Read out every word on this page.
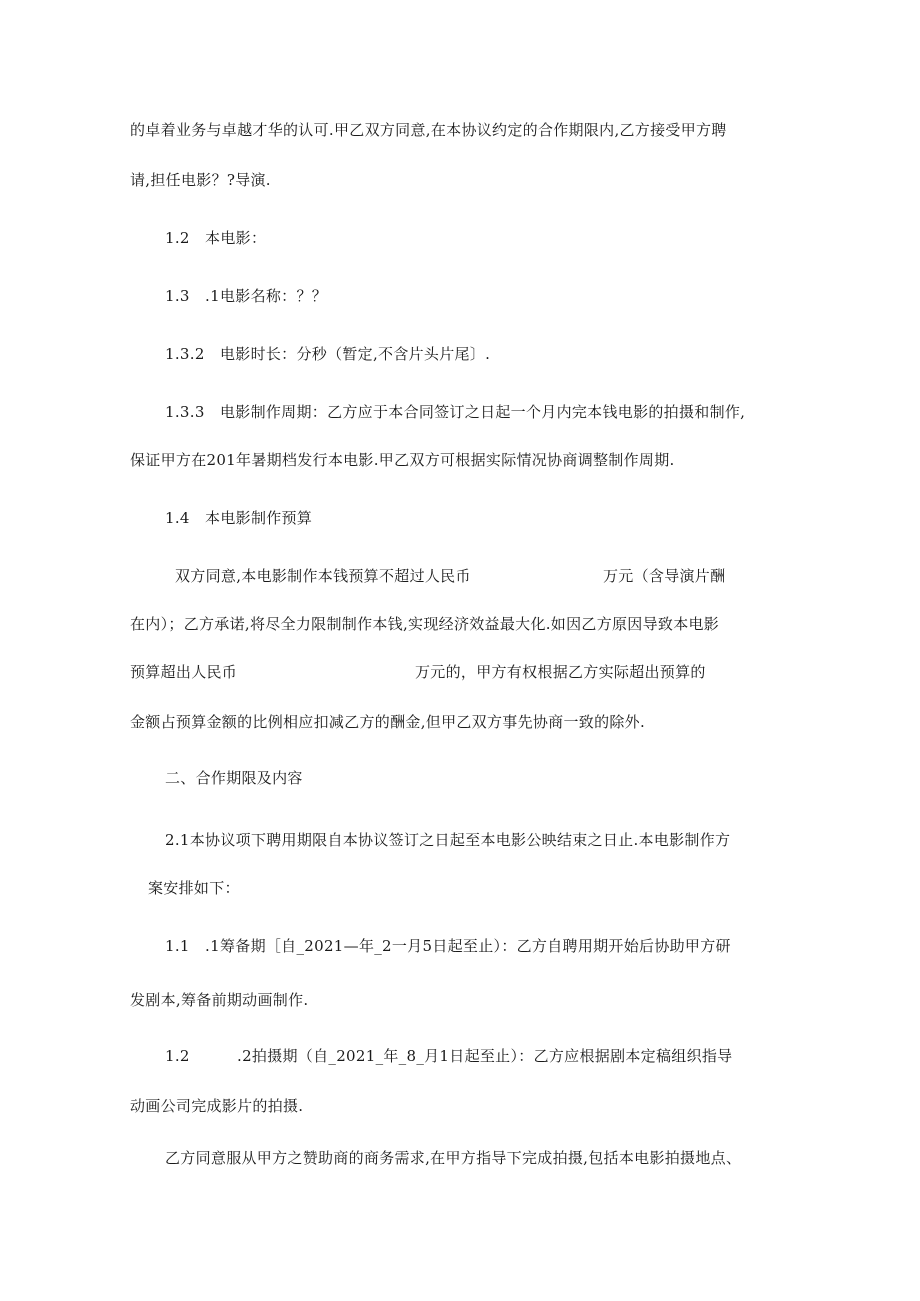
的卓着业务与卓越才华的认可.甲乙双方同意,在本协议约定的合作期限内,乙方接受甲方聘
请,担任电影？?导演.
1.2　本电影：
1.3　.1电影名称：？？
1.3.2　电影时长：分秒（暂定,不含片头片尾〕.
1.3.3　电影制作周期：乙方应于本合同签订之日起一个月内完本钱电影的拍摄和制作,
保证甲方在201年暑期档发行本电影.甲乙双方可根据实际情况协商调整制作周期.
1.4　本电影制作预算
双方同意,本电影制作本钱预算不超过人民币	万元（含导演片酬
在内）；乙方承诺,将尽全力限制制作本钱,实现经济效益最大化.如因乙方原因导致本电影
预算超出人民币	万元的，甲方有权根据乙方实际超出预算的
金额占预算金额的比例相应扣减乙方的酬金,但甲乙双方事先协商一致的除外.
二、合作期限及内容
2.1本协议项下聘用期限自本协议签订之日起至本电影公映结束之日止.本电影制作方
案安排如下：
1.1　.1筹备期［自_2021—年_2一月5日起至止）：乙方自聘用期开始后协助甲方研
发剧本,筹备前期动画制作.
1.2	.2拍摄期（自_2021_年_8_月1日起至止）：乙方应根据剧本定稿组织指导
动画公司完成影片的拍摄.
乙方同意服从甲方之赞助商的商务需求,在甲方指导下完成拍摄,包括本电影拍摄地点、
